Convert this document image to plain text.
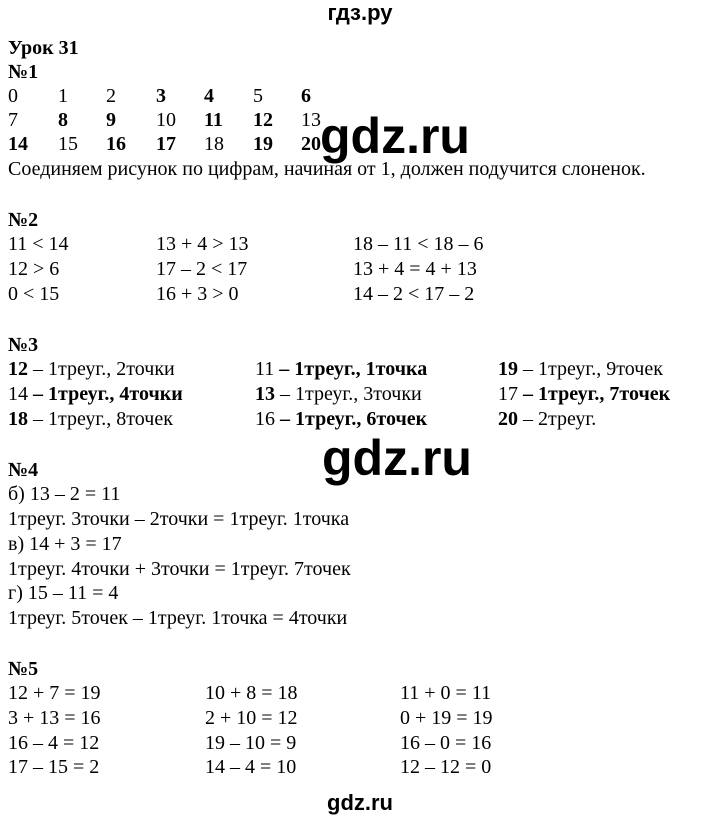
гдз.ру
gdz.ru
gdz.ru
Урок 31
№1
0 1 2 3 4 5 6
7 8 9 10 11 12 13
14 15 16 17 18 19 20
Соединяем рисунок по цифрам, начиная от 1, должен подучится слоненок.
№2
11 < 14	13 + 4 > 13	18 – 11 < 18 – 6
12 > 6	17 – 2 < 17	13 + 4 = 4 + 13
0 < 15	16 + 3 > 0	14 – 2 < 17 – 2
№3
12 – 1треуг., 2точки	11 – 1треуг., 1точка	19 – 1треуг., 9точек
14 – 1треуг., 4точки	13 – 1треуг., 3точки	17 – 1треуг., 7точек
18 – 1треуг., 8точек	16 – 1треуг., 6точек	20 – 2треуг.
№4
б) 13 – 2 = 11
1треуг. 3точки – 2точки = 1треуг. 1точка
в) 14 + 3 = 17
1треуг. 4точки + 3точки = 1треуг. 7точек
г) 15 – 11 = 4
1треуг. 5точек – 1треуг. 1точка = 4точки
№5
12 + 7 = 19	10 + 8 = 18	11 + 0 = 11
3 + 13 = 16	2 + 10 = 12	0 + 19 = 19
16 – 4 = 12	19 – 10 = 9	16 – 0 = 16
17 – 15 = 2	14 – 4 = 10	12 – 12 = 0
gdz.ru
